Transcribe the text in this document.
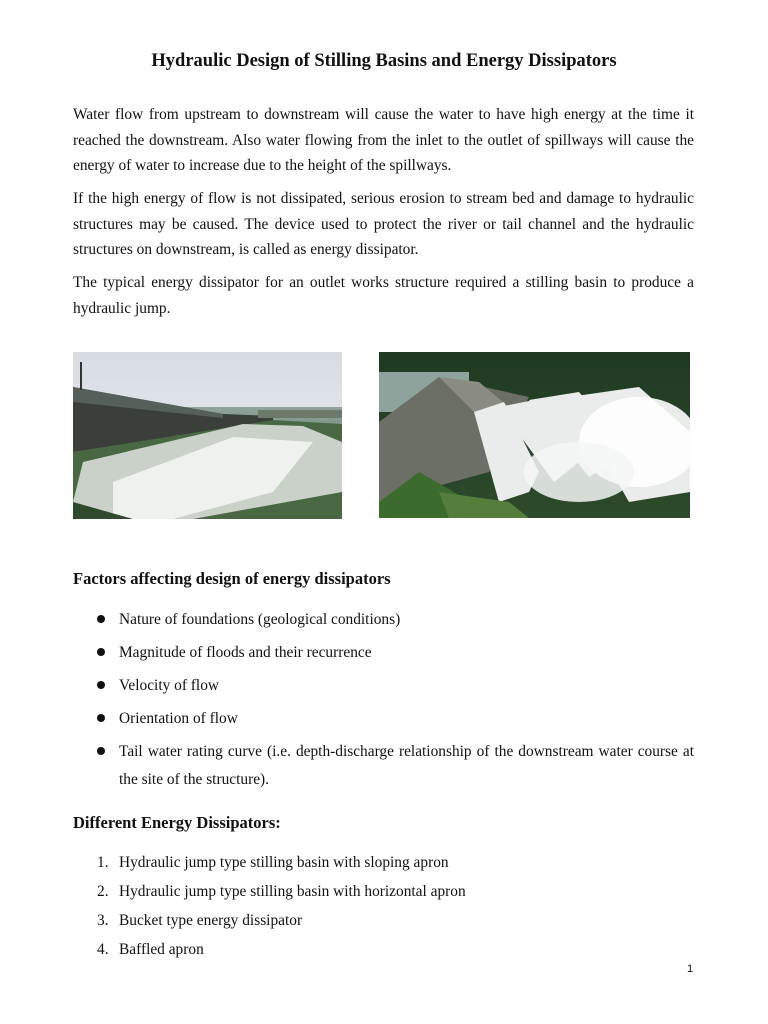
Hydraulic Design of Stilling Basins and Energy Dissipators

Water flow from upstream to downstream will cause the water to have high energy at the time it reached the downstream. Also water flowing from the inlet to the outlet of spillways will cause the energy of water to increase due to the height of the spillways.

If the high energy of flow is not dissipated, serious erosion to stream bed and damage to hydraulic structures may be caused. The device used to protect the river or tail channel and the hydraulic structures on downstream, is called as energy dissipator.

The typical energy dissipator for an outlet works structure required a stilling basin to produce a hydraulic jump.

Factors affecting design of energy dissipators
Nature of foundations (geological conditions)
Magnitude of floods and their recurrence
Velocity of flow
Orientation of flow
Tail water rating curve (i.e. depth-discharge relationship of the downstream water course at the site of the structure).
Different Energy Dissipators:
1. Hydraulic jump type stilling basin with sloping apron
2. Hydraulic jump type stilling basin with horizontal apron
3. Bucket type energy dissipator
4. Baffled apron
1
